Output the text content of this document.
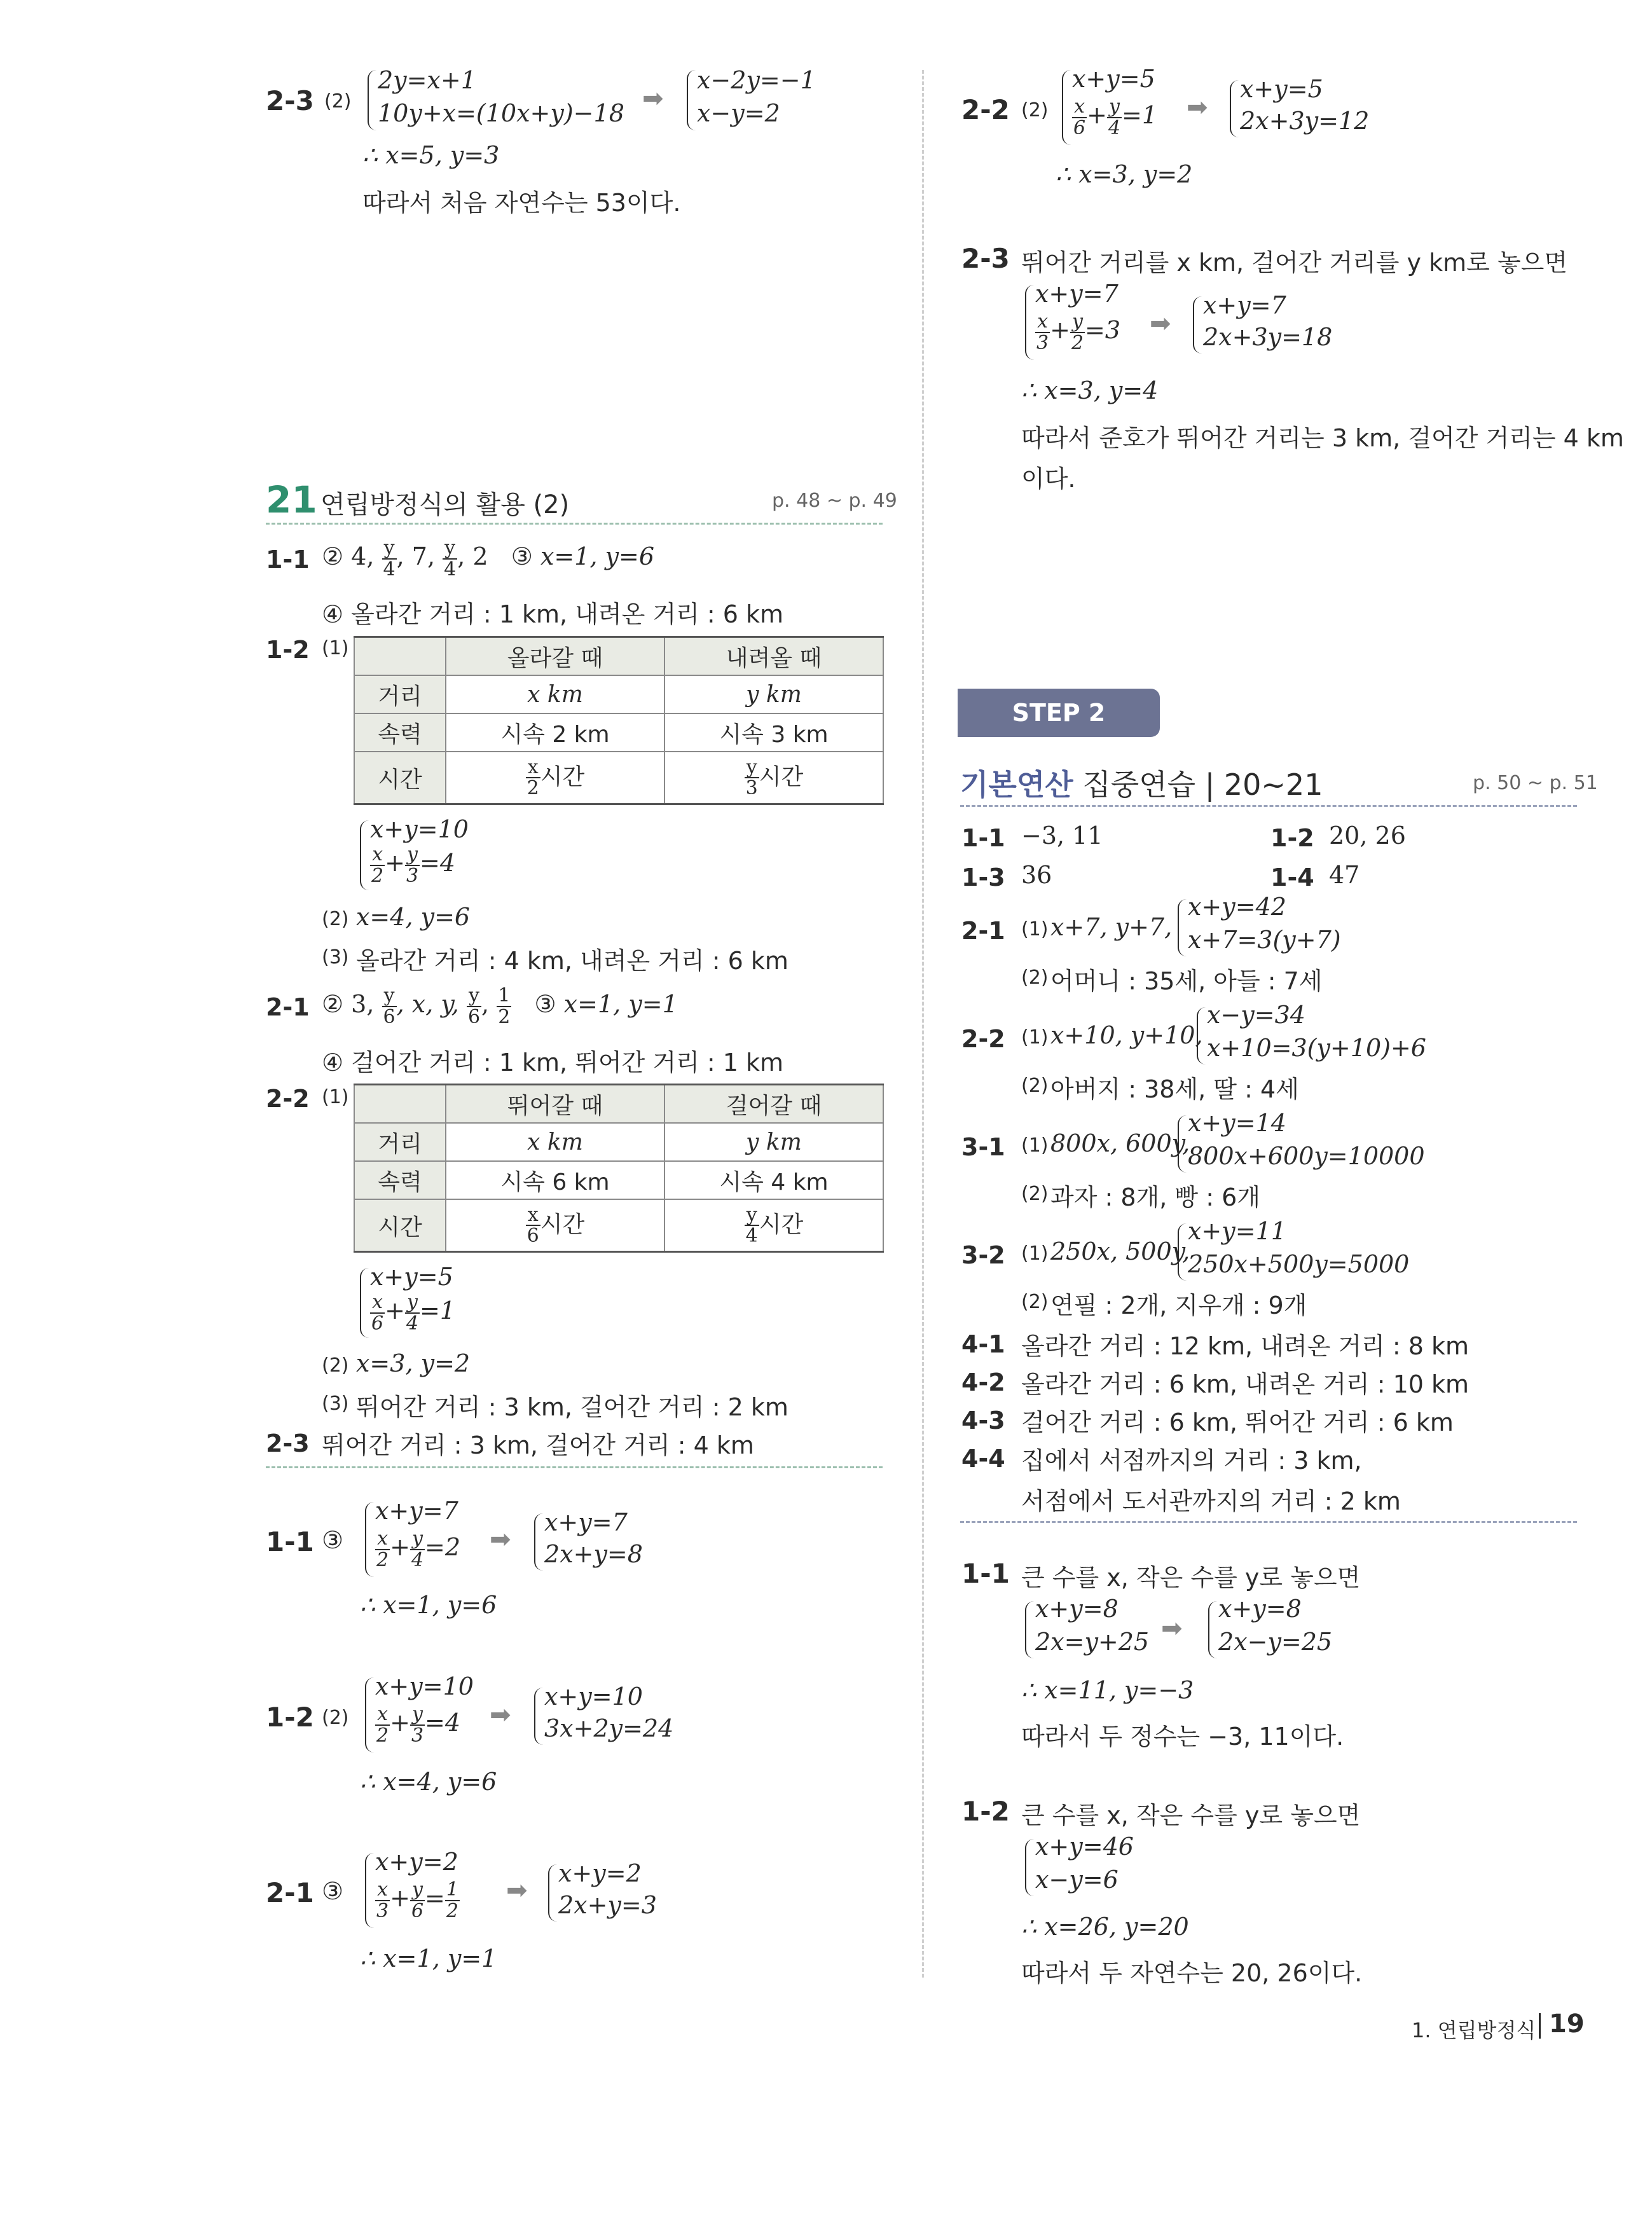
2-3 (2)
2y=x+1
10y+x=(10x+y)−18 ➡
x−2y=−1
x−y=2
∴ x=5, y=3
따라서 처음 자연수는 53이다.
21 연립방정식의 활용 (2)	p. 48 ~ p. 49
1-1 ② 4, $\frac{y}{4}$ , 7, $\frac{y}{4}$ , 2 ③ x=1, y=6
④ 올라간 거리 : 1 km, 내려온 거리 : 6 km
1-2 (1)
		올라갈 때	내려올 때
거리	x km	y km
속력	시속 2 km	시속 3 km
시간	$\frac{x}{2}$ 시간	$\frac{y}{3}$ 시간
x+y=10
$\frac{x}{2} + \frac{y}{3} =4$
(2) x=4, y=6
(3) 올라간 거리 : 4 km, 내려온 거리 : 6 km
2-1 ② 3, $\frac{y}{6}$ , x, y, $\frac{y}{6}$ , $\frac{1}{2}$ ③ x=1, y=1
④ 걸어간 거리 : 1 km, 뛰어간 거리 : 1 km
2-2 (1)
		뛰어갈 때	걸어갈 때
거리	x km	y km
속력	시속 6 km	시속 4 km
시간	$\frac{x}{6}$ 시간	$\frac{y}{4}$ 시간
x+y=5
$\frac{x}{6} + \frac{y}{4} =1$
(2) x=3, y=2
(3) 뛰어간 거리 : 3 km, 걸어간 거리 : 2 km
2-3 뛰어간 거리 : 3 km, 걸어간 거리 : 4 km
1-1 ③
x+y=7
$\frac{x}{2} + \frac{y}{4} =2$ ➡
x+y=7
2x+y=8
∴ x=1, y=6
1-2 (2)
x+y=10
$\frac{x}{2} + \frac{y}{3} =4$ ➡
x+y=10
3x+2y=24
∴ x=4, y=6
2-1 ③
x+y=2
$\frac{x}{3} + \frac{y}{6} = \frac{1}{2}$ ➡
x+y=2
2x+y=3
∴ x=1, y=1
2-2 (2)
x+y=5
$\frac{x}{6} + \frac{y}{4} =1$ ➡
x+y=5
2x+3y=12
∴ x=3, y=2
2-3 뛰어간 거리를 x km, 걸어간 거리를 y km로 놓으면
x+y=7
$\frac{x}{3} + \frac{y}{2} =3$ ➡
x+y=7
2x+3y=18
∴ x=3, y=4
따라서 준호가 뛰어간 거리는 3 km, 걸어간 거리는 4 km
이다.
STEP 2
기본연산 집중연습 | 20~21	p. 50 ~ p. 51
1-1 −3, 11	1-2 20, 26
1-3 36	1-4 47
2-1 (1) x+7, y+7,
x+y=42
x+7=3(y+7)
(2) 어머니 : 35세, 아들 : 7세
2-2 (1) x+10, y+10,
x−y=34
x+10=3(y+10)+6
(2) 아버지 : 38세, 딸 : 4세
3-1 (1) 800x, 600y,
x+y=14
800x+600y=10000
(2) 과자 : 8개, 빵 : 6개
3-2 (1) 250x, 500y,
x+y=11
250x+500y=5000
(2) 연필 : 2개, 지우개 : 9개
4-1 올라간 거리 : 12 km, 내려온 거리 : 8 km
4-2 올라간 거리 : 6 km, 내려온 거리 : 10 km
4-3 걸어간 거리 : 6 km, 뛰어간 거리 : 6 km
4-4 집에서 서점까지의 거리 : 3 km,
서점에서 도서관까지의 거리 : 2 km
1-1 큰 수를 x, 작은 수를 y로 놓으면
x+y=8
2x=y+25 ➡
x+y=8
2x−y=25
∴ x=11, y=−3
따라서 두 정수는 −3, 11이다.
1-2 큰 수를 x, 작은 수를 y로 놓으면
x+y=46
x−y=6
∴ x=26, y=20
따라서 두 자연수는 20, 26이다.
1. 연립방정식 19
